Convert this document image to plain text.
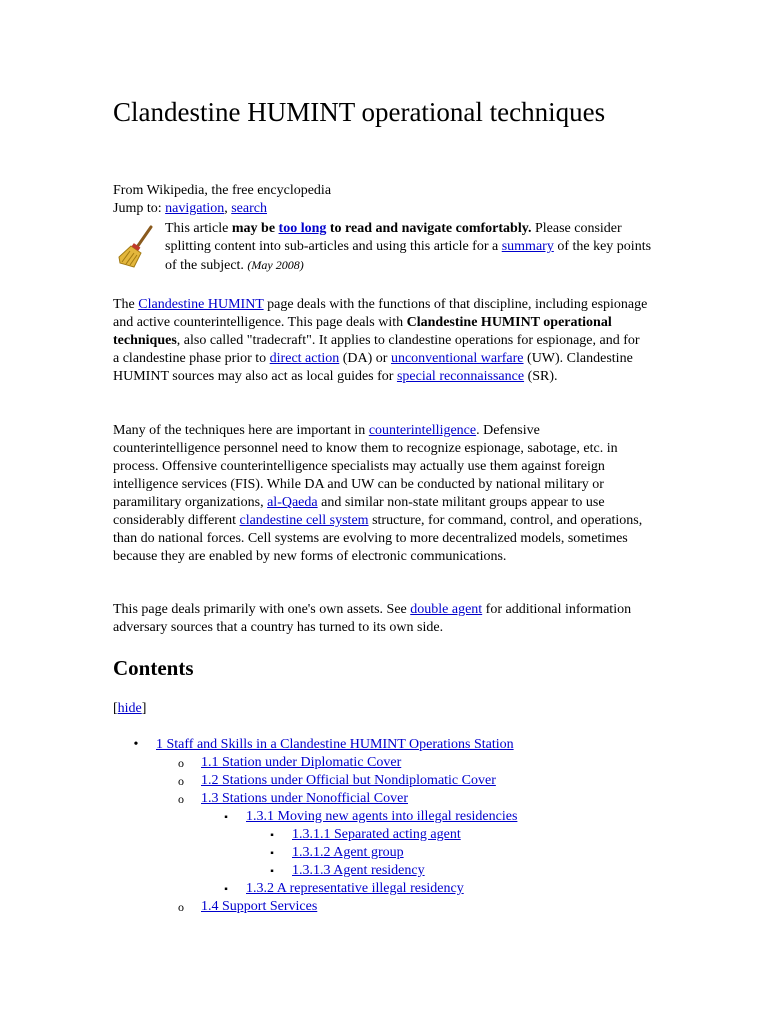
Clandestine HUMINT operational techniques
From Wikipedia, the free encyclopedia
Jump to: navigation, search
This article may be too long to read and navigate comfortably. Please consider splitting content into sub-articles and using this article for a summary of the key points of the subject. (May 2008)

The Clandestine HUMINT page deals with the functions of that discipline, including espionage and active counterintelligence. This page deals with Clandestine HUMINT operational techniques, also called "tradecraft". It applies to clandestine operations for espionage, and for a clandestine phase prior to direct action (DA) or unconventional warfare (UW). Clandestine HUMINT sources may also act as local guides for special reconnaissance (SR).

Many of the techniques here are important in counterintelligence. Defensive counterintelligence personnel need to know them to recognize espionage, sabotage, etc. in process. Offensive counterintelligence specialists may actually use them against foreign intelligence services (FIS). While DA and UW can be conducted by national military or paramilitary organizations, al-Qaeda and similar non-state militant groups appear to use considerably different clandestine cell system structure, for command, control, and operations, than do national forces. Cell systems are evolving to more decentralized models, sometimes because they are enabled by new forms of electronic communications.

This page deals primarily with one's own assets. See double agent for additional information adversary sources that a country has turned to its own side.

Contents
[hide]
•
1 Staff and Skills in a Clandestine HUMINT Operations Station
o
1.1 Station under Diplomatic Cover
o
1.2 Stations under Official but Nondiplomatic Cover
o
1.3 Stations under Nonofficial Cover
▪
1.3.1 Moving new agents into illegal residencies
▪
1.3.1.1 Separated acting agent
▪
1.3.1.2 Agent group
▪
1.3.1.3 Agent residency
▪
1.3.2 A representative illegal residency
o
1.4 Support Services
